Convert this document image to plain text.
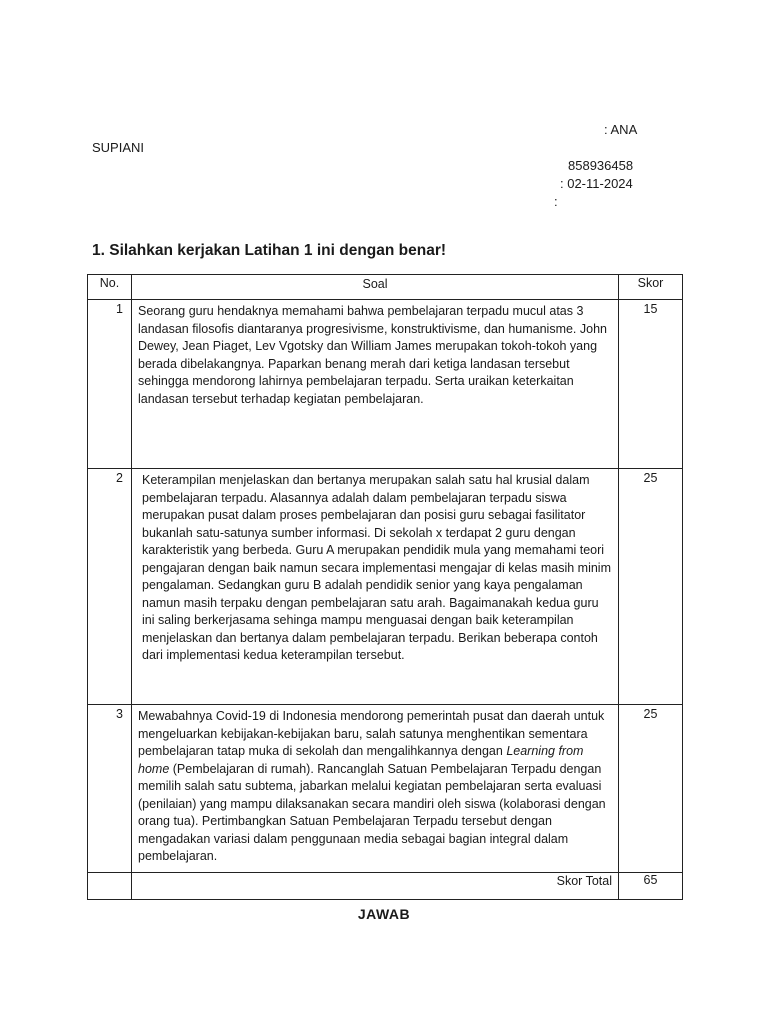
: ANA
SUPIANI
858936458
: 02-11-2024
:
1. Silahkan kerjakan Latihan 1 ini dengan benar!
No.	Soal	Skor
1	Seorang guru hendaknya memahami bahwa pembelajaran terpadu mucul atas 3 landasan filosofis diantaranya progresivisme, konstruktivisme, dan humanisme. John Dewey, Jean Piaget, Lev Vgotsky dan William James merupakan tokoh-tokoh yang berada dibelakangnya. Paparkan benang merah dari ketiga landasan tersebut sehingga mendorong lahirnya pembelajaran terpadu. Serta uraikan keterkaitan landasan tersebut terhadap kegiatan pembelajaran.	15
2	Keterampilan menjelaskan dan bertanya merupakan salah satu hal krusial dalam pembelajaran terpadu. Alasannya adalah dalam pembelajaran terpadu siswa merupakan pusat dalam proses pembelajaran dan posisi guru sebagai fasilitator bukanlah satu-satunya sumber informasi. Di sekolah x terdapat 2 guru dengan karakteristik yang berbeda. Guru A merupakan pendidik mula yang memahami teori pengajaran dengan baik namun secara implementasi mengajar di kelas masih minim pengalaman. Sedangkan guru B adalah pendidik senior yang kaya pengalaman namun masih terpaku dengan pembelajaran satu arah. Bagaimanakah kedua guru ini saling berkerjasama sehinga mampu menguasai dengan baik keterampilan menjelaskan dan bertanya dalam pembelajaran terpadu. Berikan beberapa contoh dari implementasi kedua keterampilan tersebut.	25
3	Mewabahnya Covid-19 di Indonesia mendorong pemerintah pusat dan daerah untuk mengeluarkan kebijakan-kebijakan baru, salah satunya menghentikan sementara pembelajaran tatap muka di sekolah dan mengalihkannya dengan Learning from home (Pembelajaran di rumah). Rancanglah Satuan Pembelajaran Terpadu dengan memilih salah satu subtema, jabarkan melalui kegiatan pembelajaran serta evaluasi (penilaian) yang mampu dilaksanakan secara mandiri oleh siswa (kolaborasi dengan orang tua). Pertimbangkan Satuan Pembelajaran Terpadu tersebut dengan mengadakan variasi dalam penggunaan media sebagai bagian integral dalam pembelajaran.	25
	Skor Total	65
JAWAB
